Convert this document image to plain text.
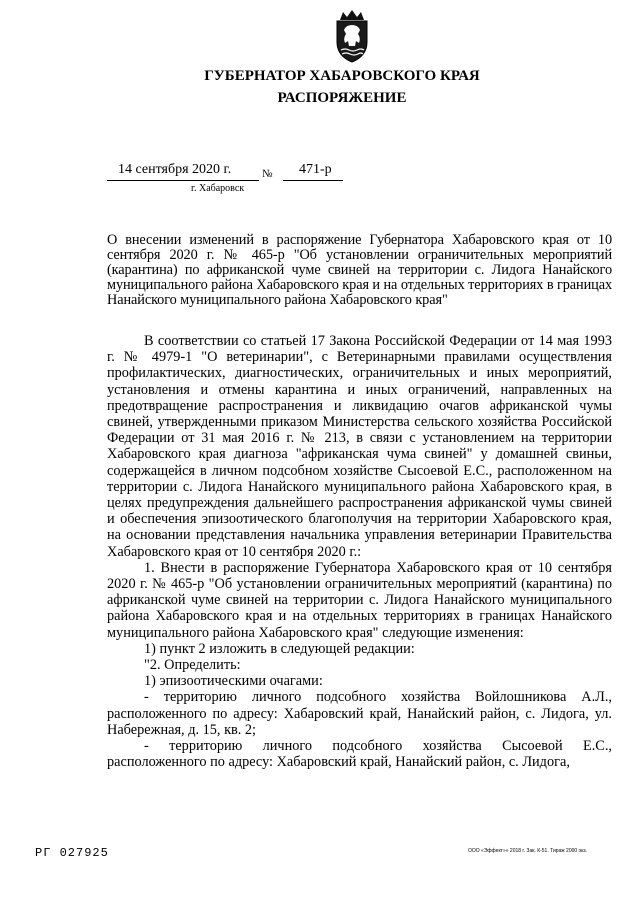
ГУБЕРНАТОР ХАБАРОВСКОГО КРАЯ
РАСПОРЯЖЕНИЕ
14 сентября 2020 г.	№ 471-р
г. Хабаровск
О внесении изменений в распоряжение Губернатора Хабаровского края от 10 сентября 2020 г. № 465-р "Об установлении ограничительных мероприятий (карантина) по африканской чуме свиней на территории с. Лидога Нанайского муниципального района Хабаровского края и на отдельных территориях в границах Нанайского муниципального района Хабаровского края"

В соответствии со статьей 17 Закона Российской Федерации от 14 мая 1993 г. № 4979-1 "О ветеринарии", с Ветеринарными правилами осуществления профилактических, диагностических, ограничительных и иных мероприятий, установления и отмены карантина и иных ограничений, направленных на предотвращение распространения и ликвидацию очагов африканской чумы свиней, утвержденными приказом Министерства сельского хозяйства Российской Федерации от 31 мая 2016 г. № 213, в связи с установлением на территории Хабаровского края диагноза "африканская чума свиней" у домашней свиньи, содержащейся в личном подсобном хозяйстве Сысоевой Е.С., расположенном на территории с. Лидога Нанайского муниципального района Хабаровского края, в целях предупреждения дальнейшего распространения африканской чумы свиней и обеспечения эпизоотического благополучия на территории Хабаровского края, на основании представления начальника управления ветеринарии Правительства Хабаровского края от 10 сентября 2020 г.:

1. Внести в распоряжение Губернатора Хабаровского края от 10 сентября 2020 г. № 465-р "Об установлении ограничительных мероприятий (карантина) по африканской чуме свиней на территории с. Лидога Нанайского муниципального района Хабаровского края и на отдельных территориях в границах Нанайского муниципального района Хабаровского края" следующие изменения:

1) пункт 2 изложить в следующей редакции:

"2. Определить:

1) эпизоотическими очагами:

- территорию личного подсобного хозяйства Войлошникова А.Л., расположенного по адресу: Хабаровский край, Нанайский район, с. Лидога, ул. Набережная, д. 15, кв. 2;

- территорию личного подсобного хозяйства Сысоевой Е.С., расположенного по адресу: Хабаровский край, Нанайский район, с. Лидога,

РГ 027925	ООО «Эффект»» 2018 г. Зак. К-51. Тираж 2000 экз.
